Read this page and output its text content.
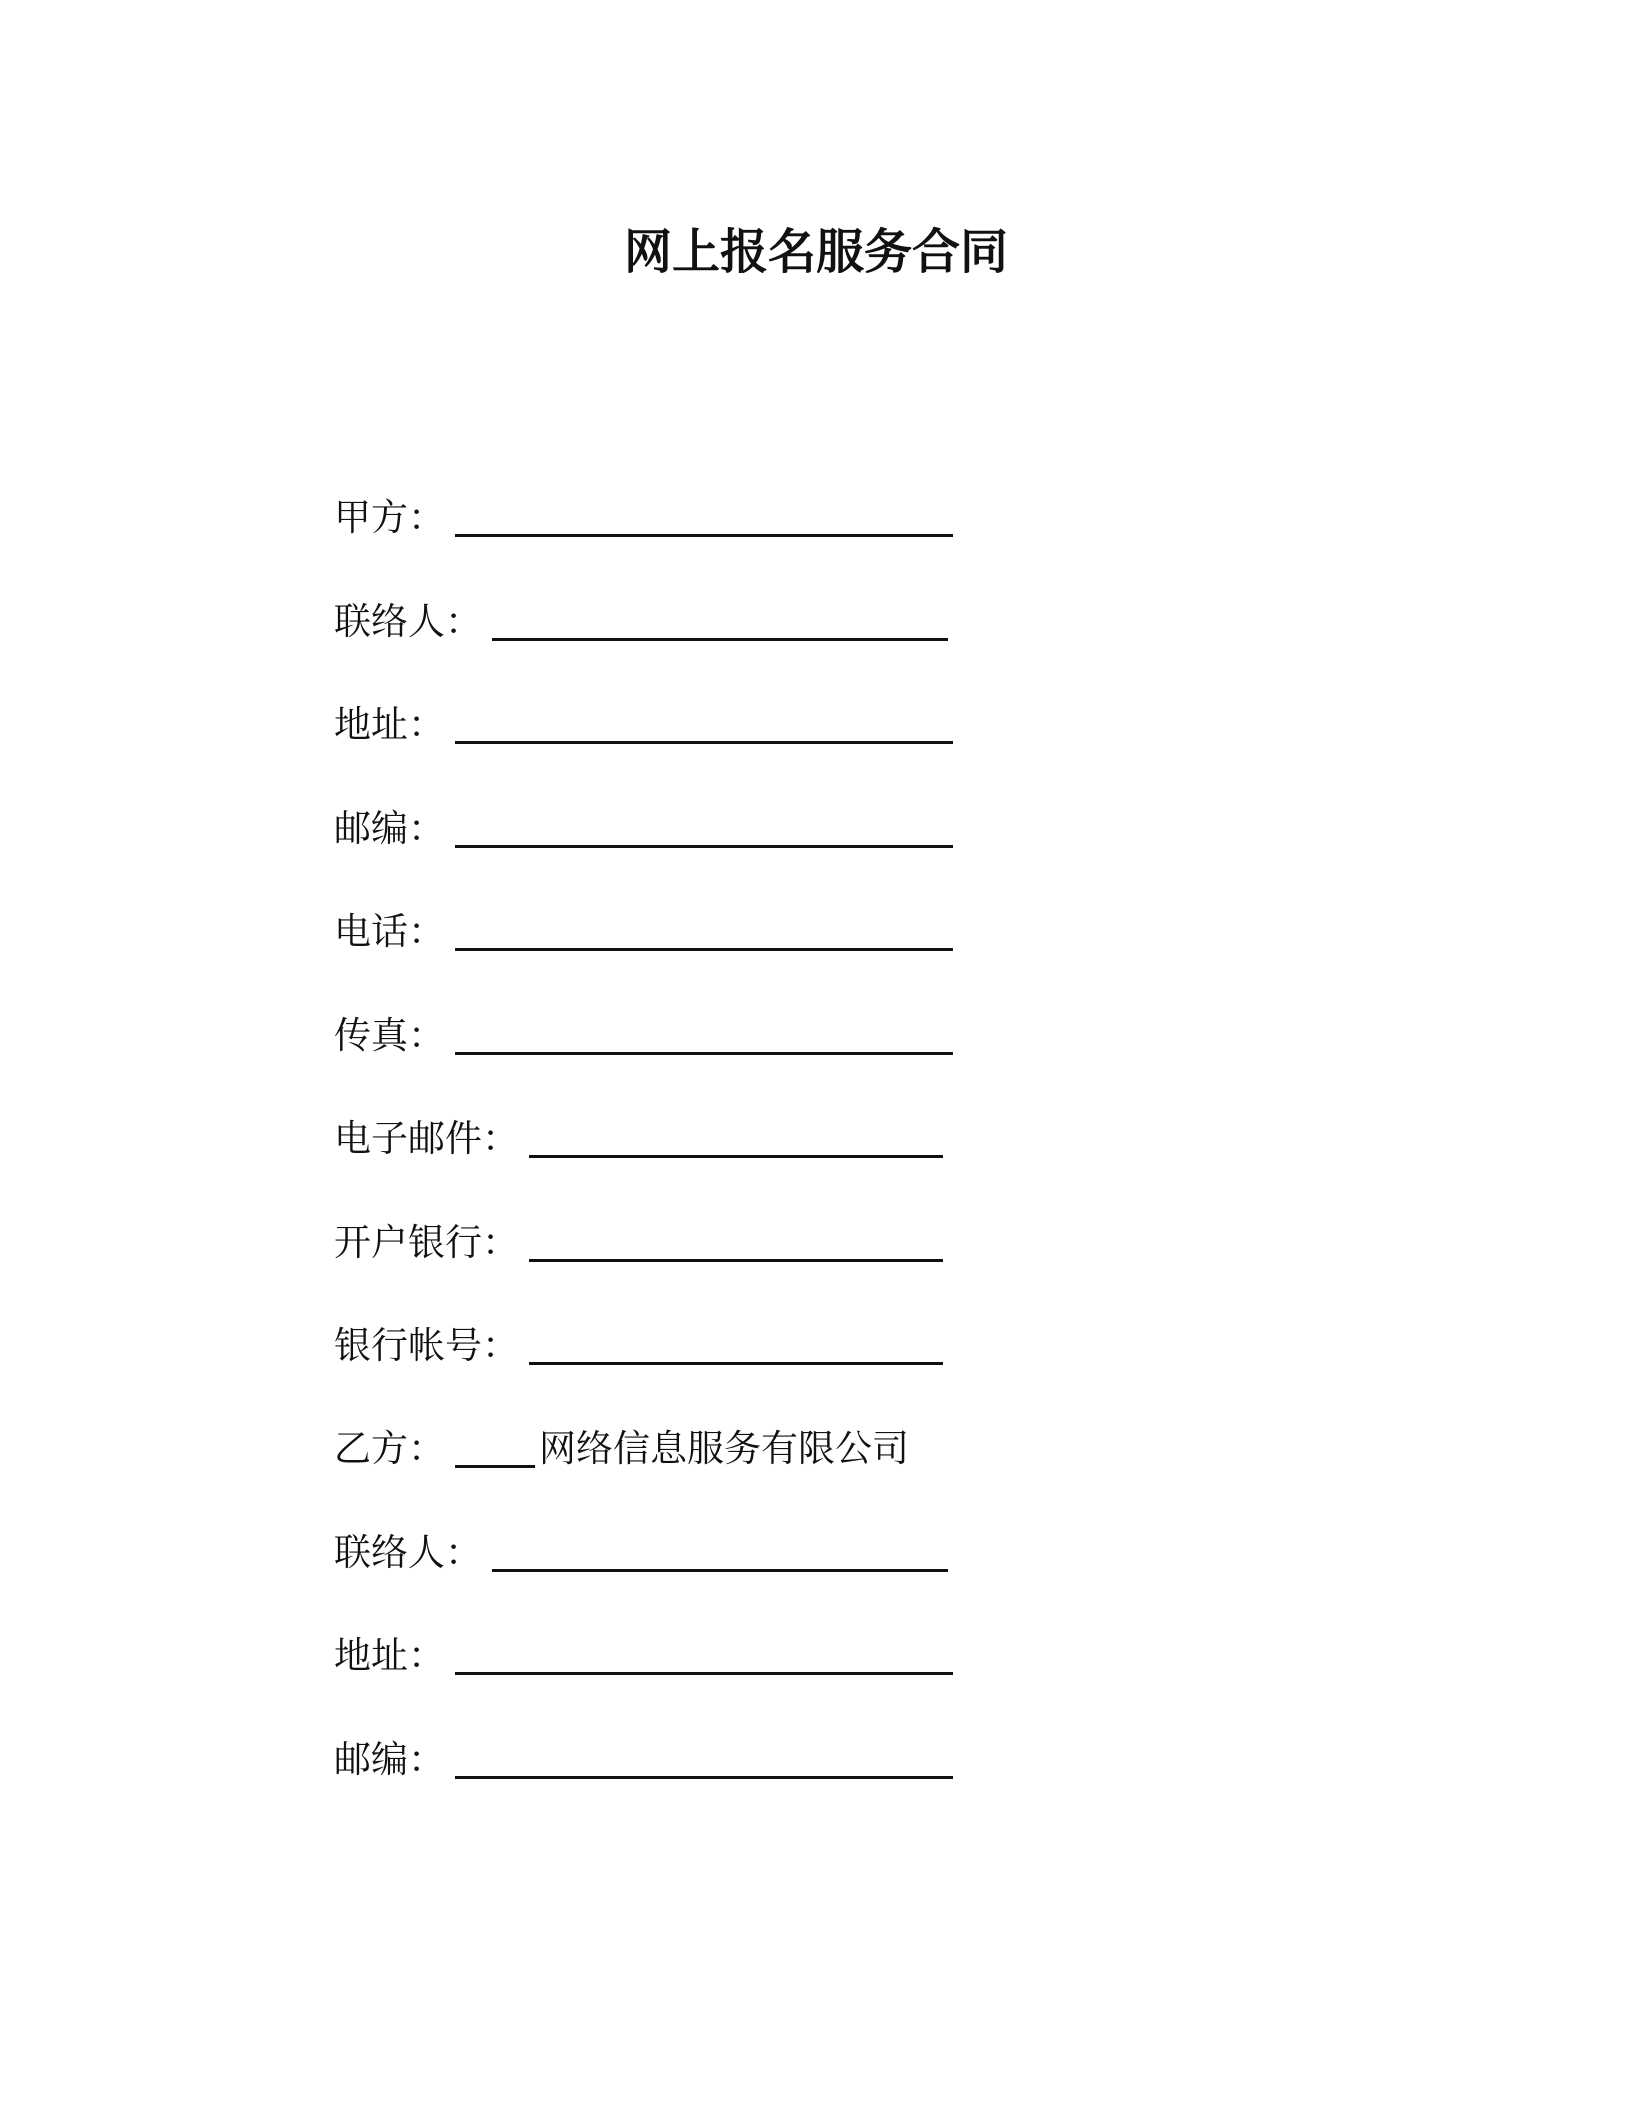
网上报名服务合同
甲方 ：
联络人 ：
地址 ：
邮编 ：
电话 ：
传真 ：
电子邮件 ：
开户银行 ：
银行帐号 ：
乙方 ：	网络信息服务有限公司
联络人 ：
地址 ：
邮编 ：
